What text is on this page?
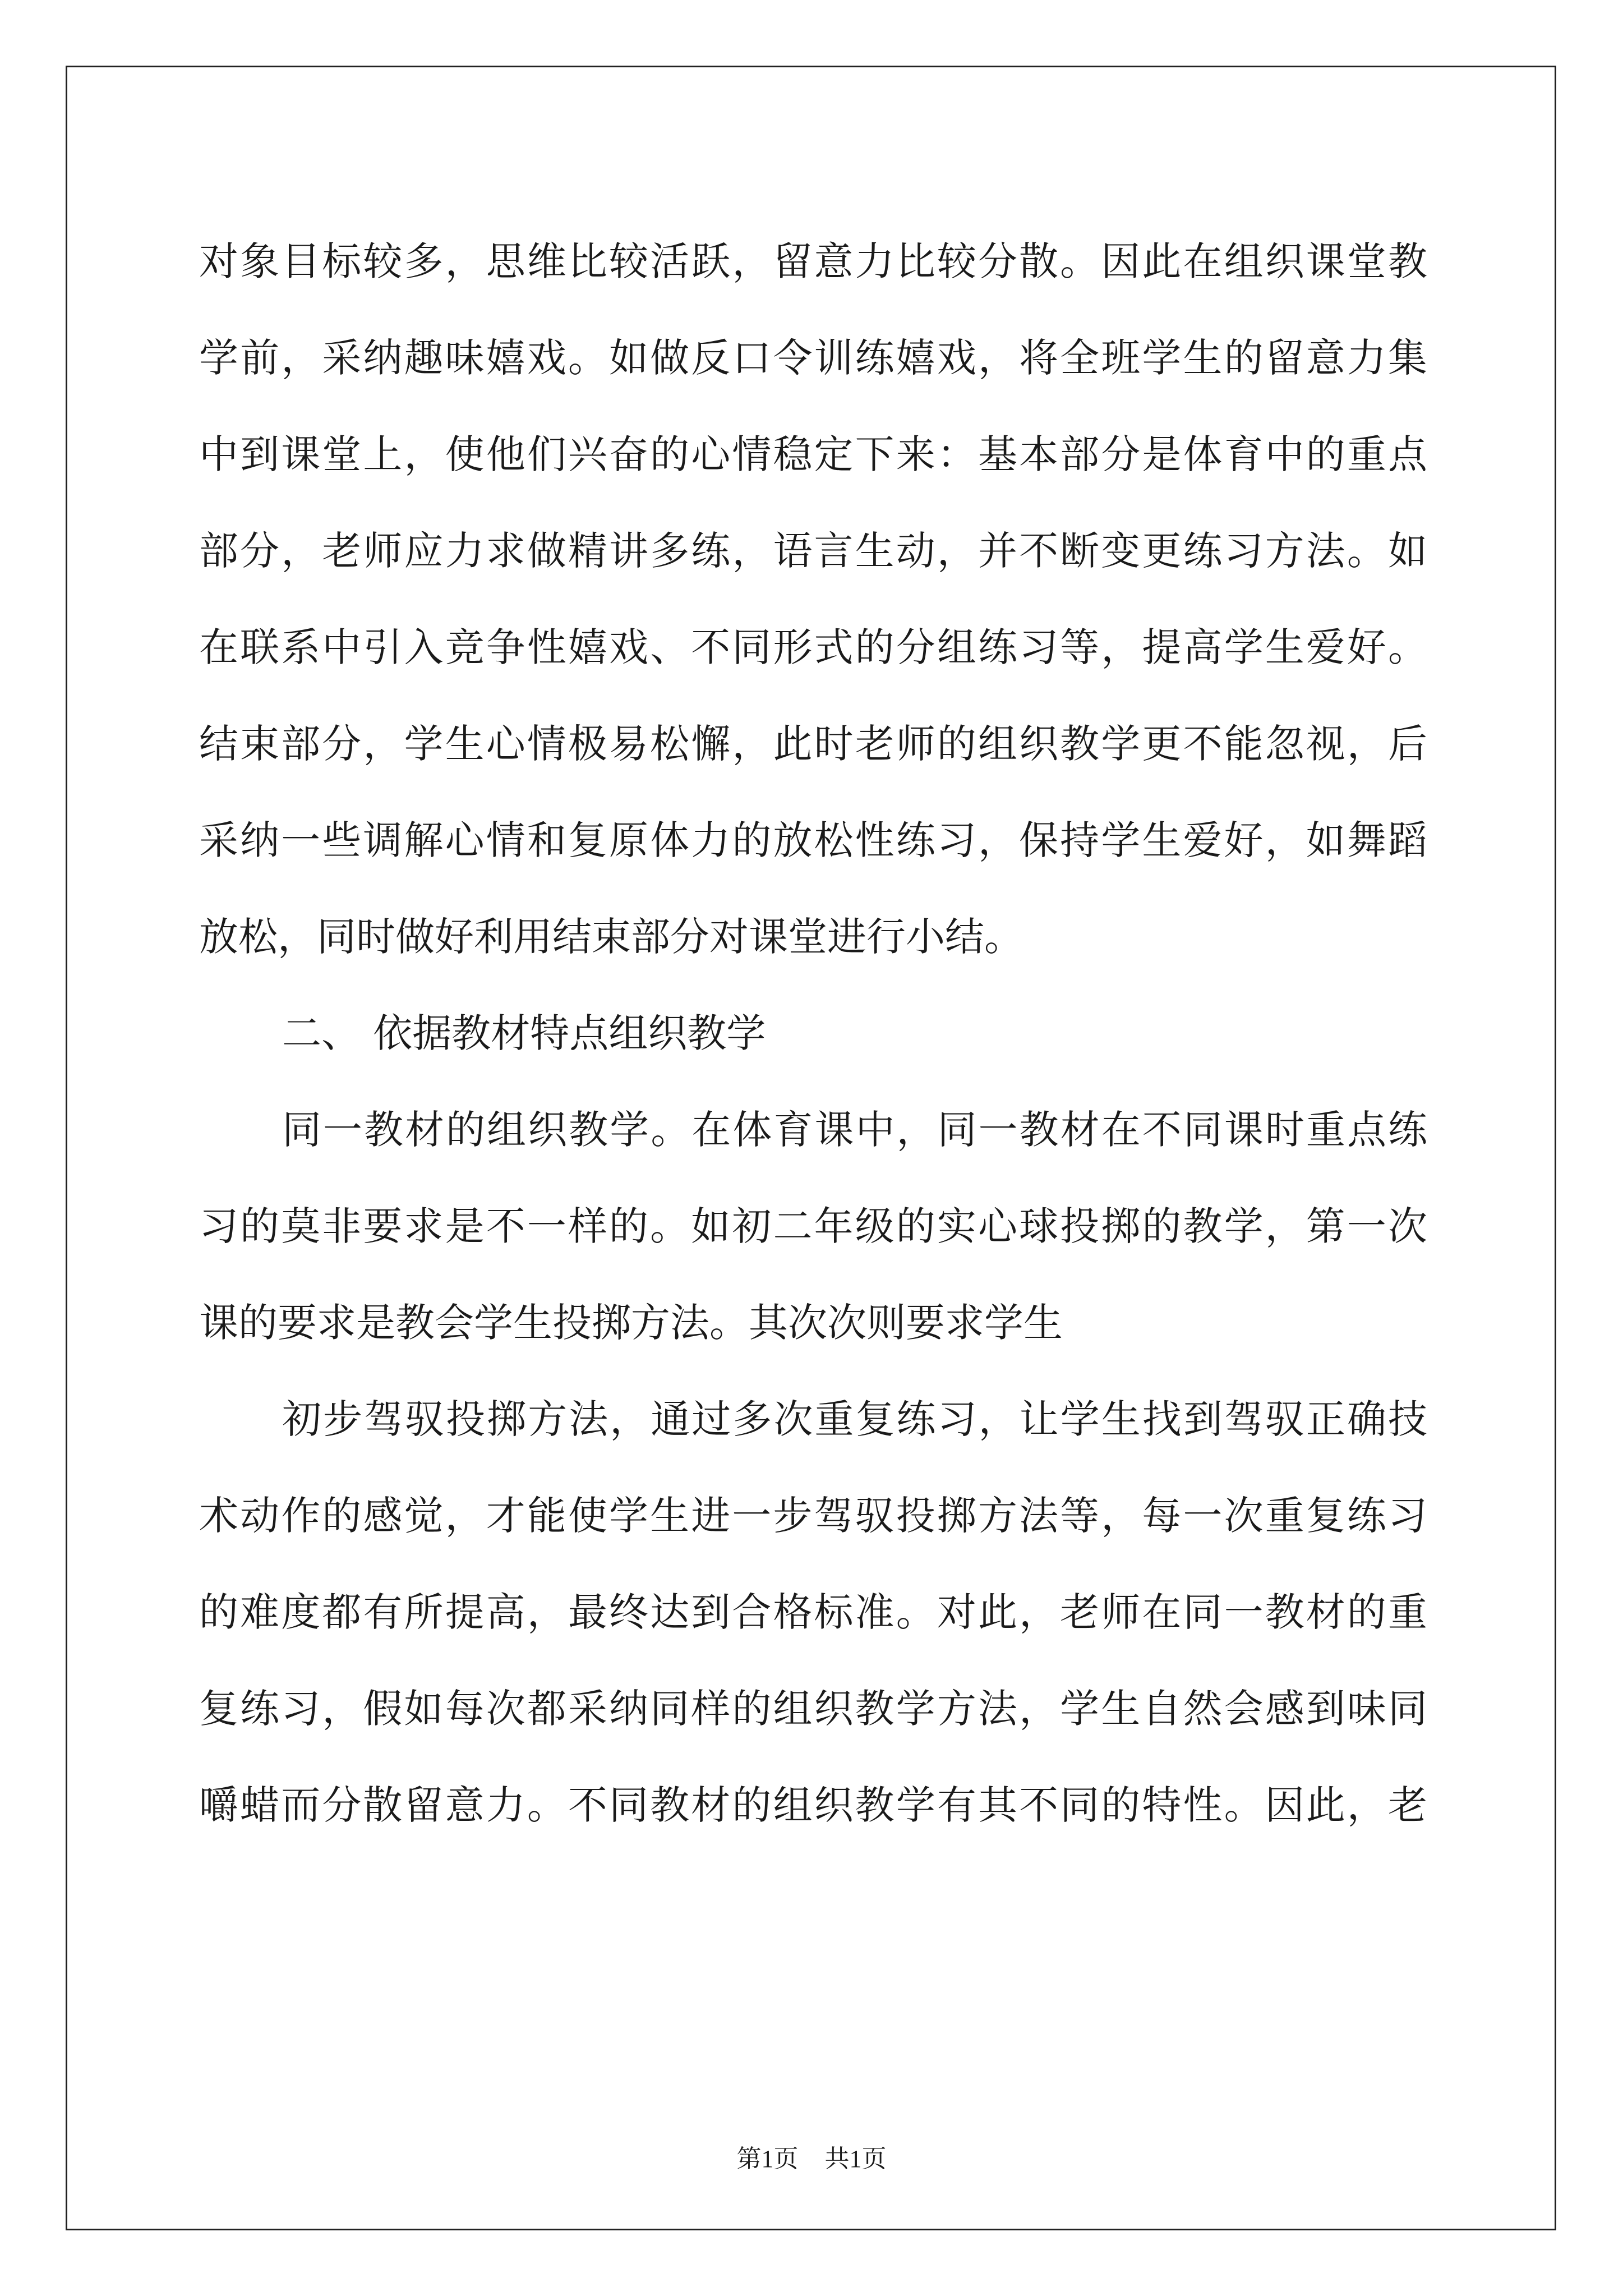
对象目标较多，思维比较活跃，留意力比较分散。因此在组织课堂教
学前，采纳趣味嬉戏。如做反口令训练嬉戏，将全班学生的留意力集
中到课堂上，使他们兴奋的心情稳定下来：基本部分是体育中的重点
部分，老师应力求做精讲多练，语言生动，并不断变更练习方法。如
在联系中引入竞争性嬉戏、不同形式的分组练习等，提高学生爱好。
结束部分，学生心情极易松懈，此时老师的组织教学更不能忽视，后
采纳一些调解心情和复原体力的放松性练习，保持学生爱好，如舞蹈
放松，同时做好利用结束部分对课堂进行小结。
二、 依据教材特点组织教学
同一教材的组织教学。在体育课中，同一教材在不同课时重点练
习的莫非要求是不一样的。如初二年级的实心球投掷的教学，第一次
课的要求是教会学生投掷方法。其次次则要求学生
初步驾驭投掷方法，通过多次重复练习，让学生找到驾驭正确技
术动作的感觉，才能使学生进一步驾驭投掷方法等，每一次重复练习
的难度都有所提高，最终达到合格标准。对此，老师在同一教材的重
复练习，假如每次都采纳同样的组织教学方法，学生自然会感到味同
嚼蜡而分散留意力。不同教材的组织教学有其不同的特性。因此，老
第1页 共1页
